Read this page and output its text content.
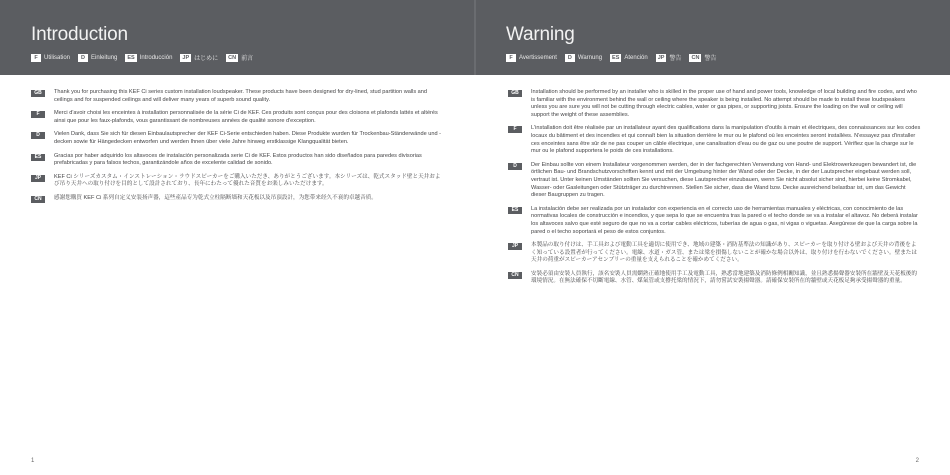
Introduction
F	Utilisation	D	Einleitung	ES Introducción	JP はじめに	CN 前言
Warning
F	Avertissement	D	Warnung	ES Atención	JP 警告	CN 警告
GB	Thank you for purchasing this KEF Ci series custom installation loudspeaker. These products have been designed for dry-lined, stud partition walls and ceilings and for suspended ceilings and will deliver many years of superb sound quality.
F	Merci d'avoir choisi les enceintes à installation personnalisée de la série Ci de KEF. Ces produits sont conçus pour des cloisons et plafonds lattés et altérés ainsi que pour les faux-plafonds, vous garantissant de nombreuses années de qualité sonore d'exception.
D	Vielen Dank, dass Sie sich für diesen Einbaulautsprecher der KEF Ci-Serie entschieden haben. Diese Produkte wurden für Trockenbau-Ständerwände und -decken sowie für Hängedecken entworfen und werden Ihnen über viele Jahre hinweg erstklassige Klangqualität bieten.
ES	Gracias por haber adquirido los altavoces de instalación personalizada serie Ci de KEF. Estos productos han sido diseñados para paredes divisorias prefabricadas y para falsos techos, garantizándole años de excelente calidad de sonido.
JP	KEF Ci シリーズカスタム・インストレーション・ラウドスピーカーをご購入いただき、ありがとうございます。本シリーズは、乾式スタッド壁と天井および吊り天井への取り付けを目的として設計されており、長年にわたって優れた音質をお楽しみいただけます。
CN	感謝您購買 KEF Ci 系列自定义安装扬声器，這些產品专为乾式立柱隔断墙和天花板以及吊頂設計，为您带来经久不衰的卓越音质。
GB	Installation should be performed by an installer who is skilled in the proper use of hand and power tools, knowledge of local building and fire codes, and who is familiar with the environment behind the wall or ceiling where the speaker is being installed. No attempt should be made to install these loudspeakers unless you are sure you will not be cutting through electric cables, water or gas pipes, or supporting joists. Ensure the loading on the wall or ceiling will support the weight of these assemblies.
F	L'installation doit être réalisée par un installateur ayant des qualifications dans la manipulation d'outils à main et électriques, des connaissances sur les codes locaux du bâtiment et des incendies et qui connaît bien la situation derrière le mur ou le plafond où les enceintes seront installées. N'essayez pas d'installer ces enceintes sans être sûr de ne pas couper un câble électrique, une canalisation d'eau ou de gaz ou une poutre de support. Vérifiez que la charge sur le mur ou le plafond supportera le poids de ces installations.
D	Der Einbau sollte von einem Installateur vorgenommen werden, der in der fachgerechten Verwendung von Hand- und Elektrowerkzeugen bewandert ist, die örtlichen Bau- und Brandschutzvorschriften kennt und mit der Umgebung hinter der Wand oder der Decke, in der der Lautsprecher eingebaut werden soll, vertraut ist. Unter keinen Umständen sollten Sie versuchen, diese Lautsprecher einzubauen, wenn Sie nicht absolut sicher sind, hierbei keine Stromkabel, Wasser- oder Gasleitungen oder Stützträger zu durchtrennen. Stellen Sie sicher, dass die Wand bzw. Decke ausreichend belastbar ist, um das Gewicht dieser Baugruppen zu tragen.
ES	La instalación debe ser realizada por un instalador con experiencia en el correcto uso de herramientas manuales y eléctricas, con conocimiento de las normativas locales de construcción e incendios, y que sepa lo que se encuentra tras la pared o el techo donde se va a instalar el altavoz. No deberá instalar los altavoces salvo que esté seguro de que no va a cortar cables eléctricos, tuberías de agua o gas, ni vigas o viguetas. Asegúrese de que la carga sobre la pared o el techo soportará el peso de estos conjuntos.
JP	本製品の取り付けは、手工具および電動工具を適切に使用でき、地域の建築・消防基準法の知識があり、スピーカーを取り付ける壁および天井の背後をよく知っている設置者が行ってください。電線、水道・ガス管、または梁を損傷しないことが確かな場合以外は、取り付けを行わないでください。壁または天井の荷重がスピーカーアセンブリーの重量を支えられることを確かめてください。
CN	安裝必須由安裝人員執行，該名安裝人員需嫻熟正確地使用手工及電動工具，熟悉當地建築及消防條例相關知識，並且熟悉揚聲器安裝所在牆壁及天花板後的環境情況。在無法確保不切斷電線、水管、煤氣管或支撐托梁的情況下，請勿嘗試安裝揚聲器。請確保安裝所在的牆壁或天花板足夠承受揚聲器的重量。
1	2
